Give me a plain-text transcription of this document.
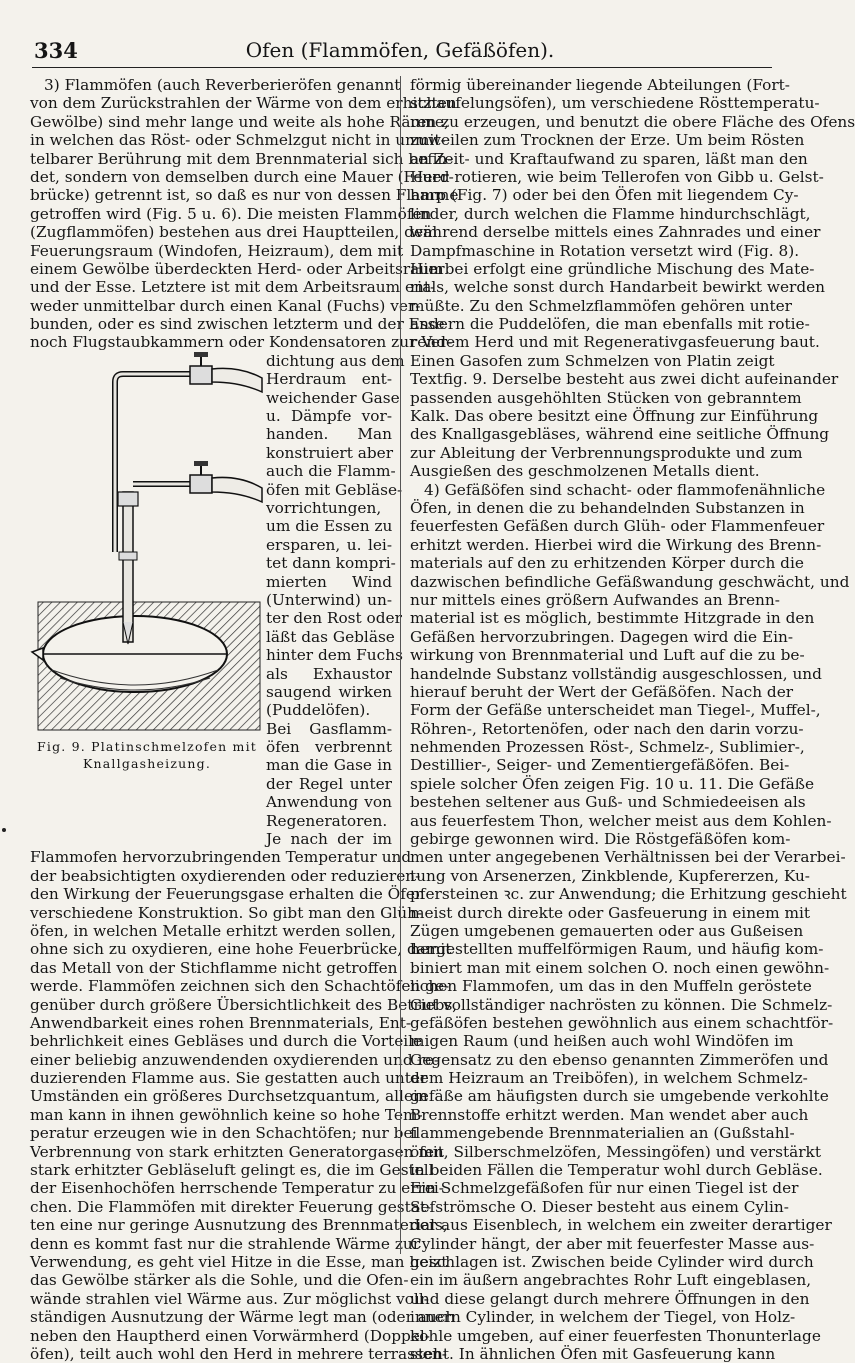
334	Ofen (Flammöfen, Gefäßöfen).
3) Flammöfen (auch Reverberieröfen genannt
von dem Zurückstrahlen der Wärme von dem erhitzten
Gewölbe) sind mehr lange und weite als hohe Räume,
in welchen das Röst- oder Schmelzgut nicht in unmit-
telbarer Berührung mit dem Brennmaterial sich befin-
det, sondern von demselben durch eine Mauer (Feuer-
brücke) getrennt ist, so daß es nur von dessen Flamme
getroffen wird (Fig. 5 u. 6). Die meisten Flammöfen
(Zugflammöfen) bestehen aus drei Hauptteilen, dem
Feuerungsraum (Windofen, Heizraum), dem mit
einem Gewölbe überdeckten Herd- oder Arbeitsraum
und der Esse. Letztere ist mit dem Arbeitsraum ent-
weder unmittelbar durch einen Kanal (Fuchs) ver-
bunden, oder es sind zwischen letzterm und der Esse
noch Flugstaubkammern oder Kondensatoren zur Ver-
dichtung aus dem
Herdraum ent-
weichender Gase
u. Dämpfe vor-
handen. Man
konstruiert aber
auch die Flamm-
öfen mit Gebläse-
vorrichtungen,
um die Essen zu
ersparen, u. lei-
tet dann kompri-
mierten Wind
(Unterwind) un-
ter den Rost oder
läßt das Gebläse
hinter dem Fuchs
als Exhaustor
saugend wirken
(Puddelöfen).
Bei Gasflamm-
öfen verbrennt
man die Gase in
der Regel unter
Anwendung von
Regeneratoren.
Je nach der im
Flammofen hervorzubringenden Temperatur und
der beabsichtigten oxydierenden oder reduzieren-
den Wirkung der Feuerungsgase erhalten die Öfen
verschiedene Konstruktion. So gibt man den Glüh-
öfen, in welchen Metalle erhitzt werden sollen,
ohne sich zu oxydieren, eine hohe Feuerbrücke, damit
das Metall von der Stichflamme nicht getroffen
werde. Flammöfen zeichnen sich den Schachtöfen ge-
genüber durch größere Übersichtlichkeit des Betriebs,
Anwendbarkeit eines rohen Brennmaterials, Ent-
behrlichkeit eines Gebläses und durch die Vorteile
einer beliebig anzuwendenden oxydierenden und re-
duzierenden Flamme aus. Sie gestatten auch unter
Umständen ein größeres Durchsetzquantum, allein
man kann in ihnen gewöhnlich keine so hohe Tem-
peratur erzeugen wie in den Schachtöfen; nur bei
Verbrennung von stark erhitzten Generatorgasen mit
stark erhitzter Gebläseluft gelingt es, die im Gestell
der Eisenhochöfen herrschende Temperatur zu errei-
chen. Die Flammöfen mit direkter Feuerung gestat-
ten eine nur geringe Ausnutzung des Brennmaterials,
denn es kommt fast nur die strahlende Wärme zur
Verwendung, es geht viel Hitze in die Esse, man heizt
das Gewölbe stärker als die Sohle, und die Ofen-
wände strahlen viel Wärme aus. Zur möglichst voll-
ständigen Ausnutzung der Wärme legt man (oder auch
neben den Hauptherd einen Vorwärmherd (Doppel-
öfen), teilt auch wohl den Herd in mehrere terrassen-
förmig übereinander liegende Abteilungen (Fort-
schaufelungsöfen), um verschiedene Rösttemperatu-
ren zu erzeugen, und benutzt die obere Fläche des Ofens
zuweilen zum Trocknen der Erze. Um beim Rösten
an Zeit- und Kraftaufwand zu sparen, läßt man den
Herd rotieren, wie beim Tellerofen von Gibb u. Gelst-
harp (Fig. 7) oder bei den Öfen mit liegendem Cy-
linder, durch welchen die Flamme hindurchschlägt,
während derselbe mittels eines Zahnrades und einer
Dampfmaschine in Rotation versetzt wird (Fig. 8).
Hierbei erfolgt eine gründliche Mischung des Mate-
rials, welche sonst durch Handarbeit bewirkt werden
müßte. Zu den Schmelzflammöfen gehören unter
andern die Puddelöfen, die man ebenfalls mit rotie-
rendem Herd und mit Regenerativgasfeuerung baut.
Einen Gasofen zum Schmelzen von Platin zeigt
Textfig. 9. Derselbe besteht aus zwei dicht aufeinander
passenden ausgehöhlten Stücken von gebranntem
Kalk. Das obere besitzt eine Öffnung zur Einführung
des Knallgasgebläses, während eine seitliche Öffnung
zur Ableitung der Verbrennungsprodukte und zum
Ausgießen des geschmolzenen Metalls dient.
4) Gefäßöfen sind schacht- oder flammofenähnliche
Öfen, in denen die zu behandelnden Substanzen in
feuerfesten Gefäßen durch Glüh- oder Flammenfeuer
erhitzt werden. Hierbei wird die Wirkung des Brenn-
materials auf den zu erhitzenden Körper durch die
dazwischen befindliche Gefäßwandung geschwächt, und
nur mittels eines größern Aufwandes an Brenn-
material ist es möglich, bestimmte Hitzgrade in den
Gefäßen hervorzubringen. Dagegen wird die Ein-
wirkung von Brennmaterial und Luft auf die zu be-
handelnde Substanz vollständig ausgeschlossen, und
hierauf beruht der Wert der Gefäßöfen. Nach der
Form der Gefäße unterscheidet man Tiegel-, Muffel-,
Röhren-, Retortenöfen, oder nach den darin vorzu-
nehmenden Prozessen Röst-, Schmelz-, Sublimier-,
Destillier-, Seiger- und Zementiergefäßöfen. Bei-
spiele solcher Öfen zeigen Fig. 10 u. 11. Die Gefäße
bestehen seltener aus Guß- und Schmiedeeisen als
aus feuerfestem Thon, welcher meist aus dem Kohlen-
gebirge gewonnen wird. Die Röstgefäßöfen kom-
men unter angegebenen Verhältnissen bei der Verarbei-
tung von Arsenerzen, Zinkblende, Kupfererzen, Ku-
pfersteinen ꝛc. zur Anwendung; die Erhitzung geschieht
meist durch direkte oder Gasfeuerung in einem mit
Zügen umgebenen gemauerten oder aus Gußeisen
hergestellten muffelförmigen Raum, und häufig kom-
biniert man mit einem solchen O. noch einen gewöhn-
lichen Flammofen, um das in den Muffeln geröstete
Gut vollständiger nachrösten zu können. Die Schmelz-
gefäßöfen bestehen gewöhnlich aus einem schachtför-
migen Raum (und heißen auch wohl Windöfen im
Gegensatz zu den ebenso genannten Zimmeröfen und
dem Heizraum an Treiböfen), in welchem Schmelz-
gefäße am häufigsten durch sie umgebende verkohlte
Brennstoffe erhitzt werden. Man wendet aber auch
flammengebende Brennmaterialien an (Gußstahl-
öfen, Silberschmelzöfen, Messingöfen) und verstärkt
in beiden Fällen die Temperatur wohl durch Gebläse.
Ein Schmelzgefäßofen für nur einen Tiegel ist der
Sefströmsche O. Dieser besteht aus einem Cylin-
der aus Eisenblech, in welchem ein zweiter derartiger
Cylinder hängt, der aber mit feuerfester Masse aus-
geschlagen ist. Zwischen beide Cylinder wird durch
ein im äußern angebrachtes Rohr Luft eingeblasen,
und diese gelangt durch mehrere Öffnungen in den
innern Cylinder, in welchem der Tiegel, von Holz-
kohle umgeben, auf einer feuerfesten Thonunterlage
steht. In ähnlichen Öfen mit Gasfeuerung kann
Fig. 9. Platinschmelzofen mit
Knallgasheizung.
